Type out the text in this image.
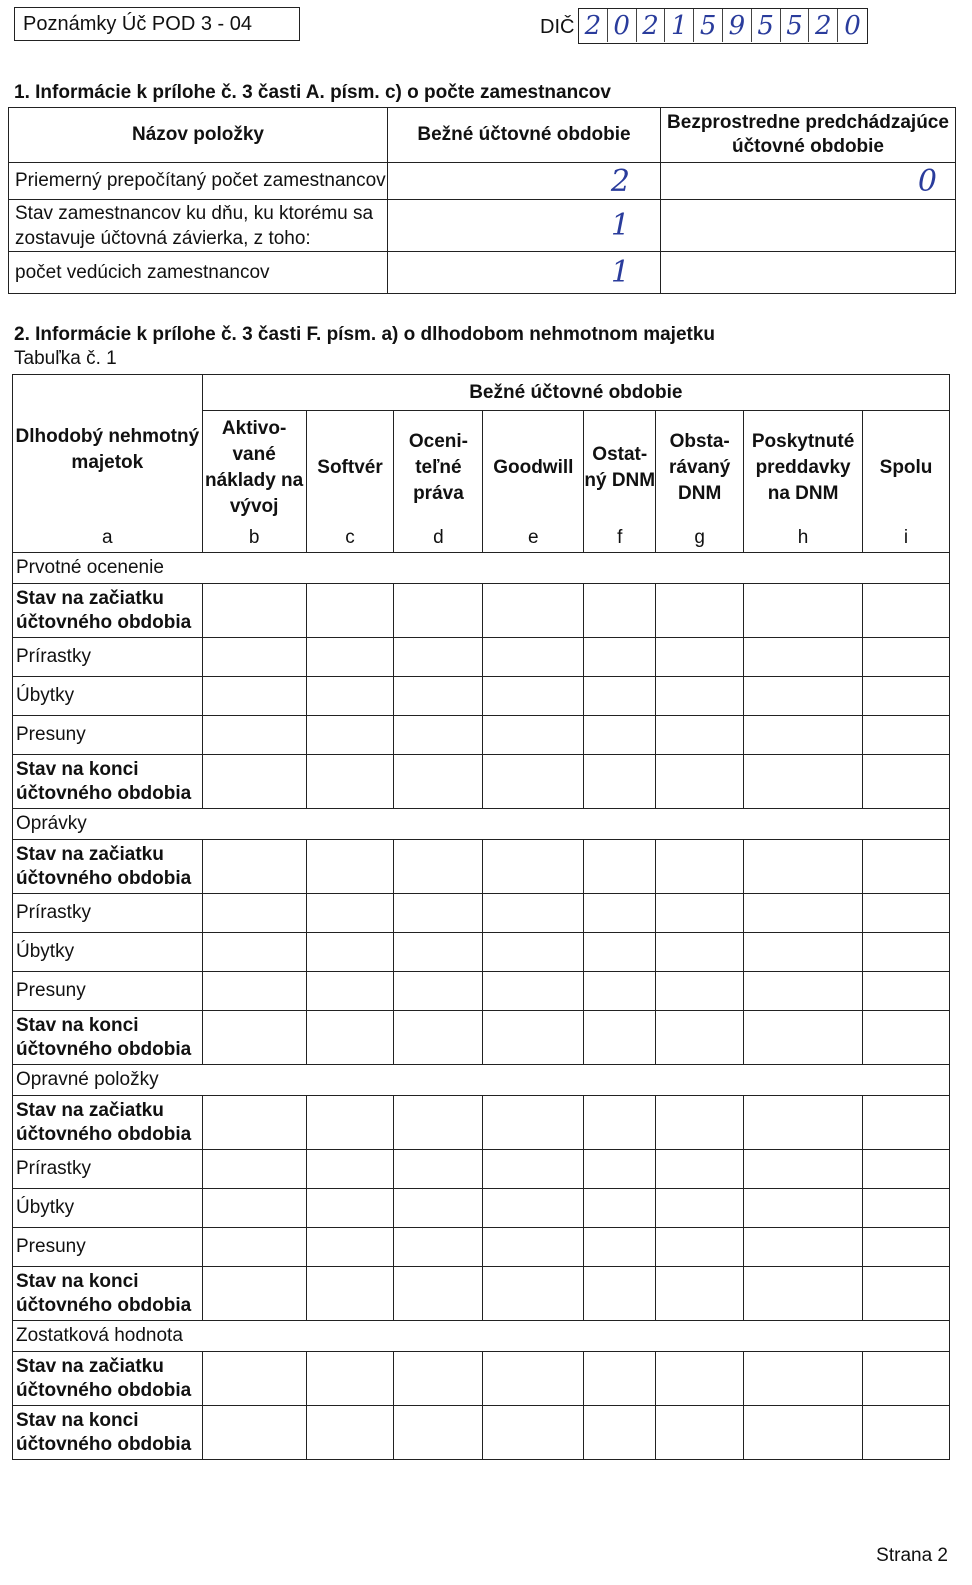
Poznámky Úč POD 3 - 04	DIČ 2 0 2 1 5 9 5 5 2 0
1. Informácie k prílohe č. 3 časti A. písm. c) o počte zamestnancov
Názov položky	Bežné účtovné obdobie	Bezprostredne predchádzajúce účtovné obdobie
Priemerný prepočítaný počet zamestnancov	2	0
Stav zamestnancov ku dňu, ku ktorému sa zostavuje účtovná závierka, z toho:	1	
počet vedúcich zamestnancov	1	
2. Informácie k prílohe č. 3 časti F. písm. a) o dlhodobom nehmotnom majetku
Tabuľka č. 1
Dlhodobý nehmotný majetok	Bežné účtovné obdobie							
	Aktivo-vané náklady na vývoj	Softvér	Oceni-teľné práva	Goodwill	Ostat-ný DNM	Obsta-rávaný DNM	Poskytnuté preddavky na DNM	Spolu
a	b	c	d	e	f	g	h	i
Prvotné ocenenie								
Stav na začiatku účtovného obdobia								
Prírastky								
Úbytky								
Presuny								
Stav na konci účtovného obdobia								
Oprávky								
Stav na začiatku účtovného obdobia								
Prírastky								
Úbytky								
Presuny								
Stav na konci účtovného obdobia								
Opravné položky								
Stav na začiatku účtovného obdobia								
Prírastky								
Úbytky								
Presuny								
Stav na konci účtovného obdobia								
Zostatková hodnota								
Stav na začiatku účtovného obdobia								
Stav na konci účtovného obdobia								
Strana 2
